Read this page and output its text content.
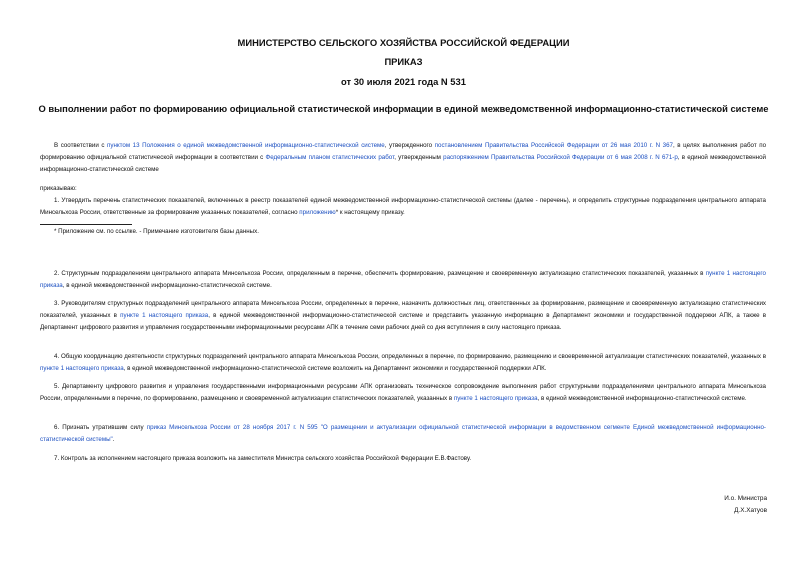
МИНИСТЕРСТВО СЕЛЬСКОГО ХОЗЯЙСТВА РОССИЙСКОЙ ФЕДЕРАЦИИ
ПРИКАЗ
от 30 июля 2021 года N 531
О выполнении работ по формированию официальной статистической информации в единой межведомственной информационно-статистической системе

В соответствии с пунктом 13 Положения о единой межведомственной информационно-статистической системе, утвержденного постановлением Правительства Российской Федерации от 26 мая 2010 г. N 367, в целях выполнения работ по формированию официальной статистической информации в соответствии с Федеральным планом статистических работ, утвержденным распоряжением Правительства Российской Федерации от 6 мая 2008 г. N 671-р, в единой межведомственной информационно-статистической системе

приказываю:

1. Утвердить перечень статистических показателей, включенных в реестр показателей единой межведомственной информационно-статистической системы (далее - перечень), и определить структурные подразделения центрального аппарата Минсельхоза России, ответственные за формирование указанных показателей, согласно приложению* к настоящему приказу.

* Приложение см. по ссылке. - Примечание изготовителя базы данных.

2. Структурным подразделениям центрального аппарата Минсельхоза России, определенным в перечне, обеспечить формирование, размещение и своевременную актуализацию статистических показателей, указанных в пункте 1 настоящего приказа, в единой межведомственной информационно-статистической системе.

3. Руководителям структурных подразделений центрального аппарата Минсельхоза России, определенных в перечне, назначить должностных лиц, ответственных за формирование, размещение и своевременную актуализацию статистических показателей, указанных в пункте 1 настоящего приказа, в единой межведомственной информационно-статистической системе и представить указанную информацию в Департамент экономики и государственной поддержки АПК, а также в Департамент цифрового развития и управления государственными информационными ресурсами АПК в течение семи рабочих дней со дня вступления в силу настоящего приказа.

4. Общую координацию деятельности структурных подразделений центрального аппарата Минсельхоза России, определенных в перечне, по формированию, размещению и своевременной актуализации статистических показателей, указанных в пункте 1 настоящего приказа, в единой межведомственной информационно-статистической системе возложить на Департамент экономики и государственной поддержки АПК.

5. Департаменту цифрового развития и управления государственными информационными ресурсами АПК организовать техническое сопровождение выполнения работ структурными подразделениями центрального аппарата Минсельхоза России, определенными в перечне, по формированию, размещению и своевременной актуализации статистических показателей, указанных в пункте 1 настоящего приказа, в единой межведомственной информационно-статистической системе.

6. Признать утратившим силу приказ Минсельхоза России от 28 ноября 2017 г. N 595 "О размещении и актуализации официальной статистической информации в ведомственном сегменте Единой межведомственной информационно-статистической системы".

7. Контроль за исполнением настоящего приказа возложить на заместителя Министра сельского хозяйства Российской Федерации Е.В.Фастову.

И.о. Министра
Д.Х.Хатуов
